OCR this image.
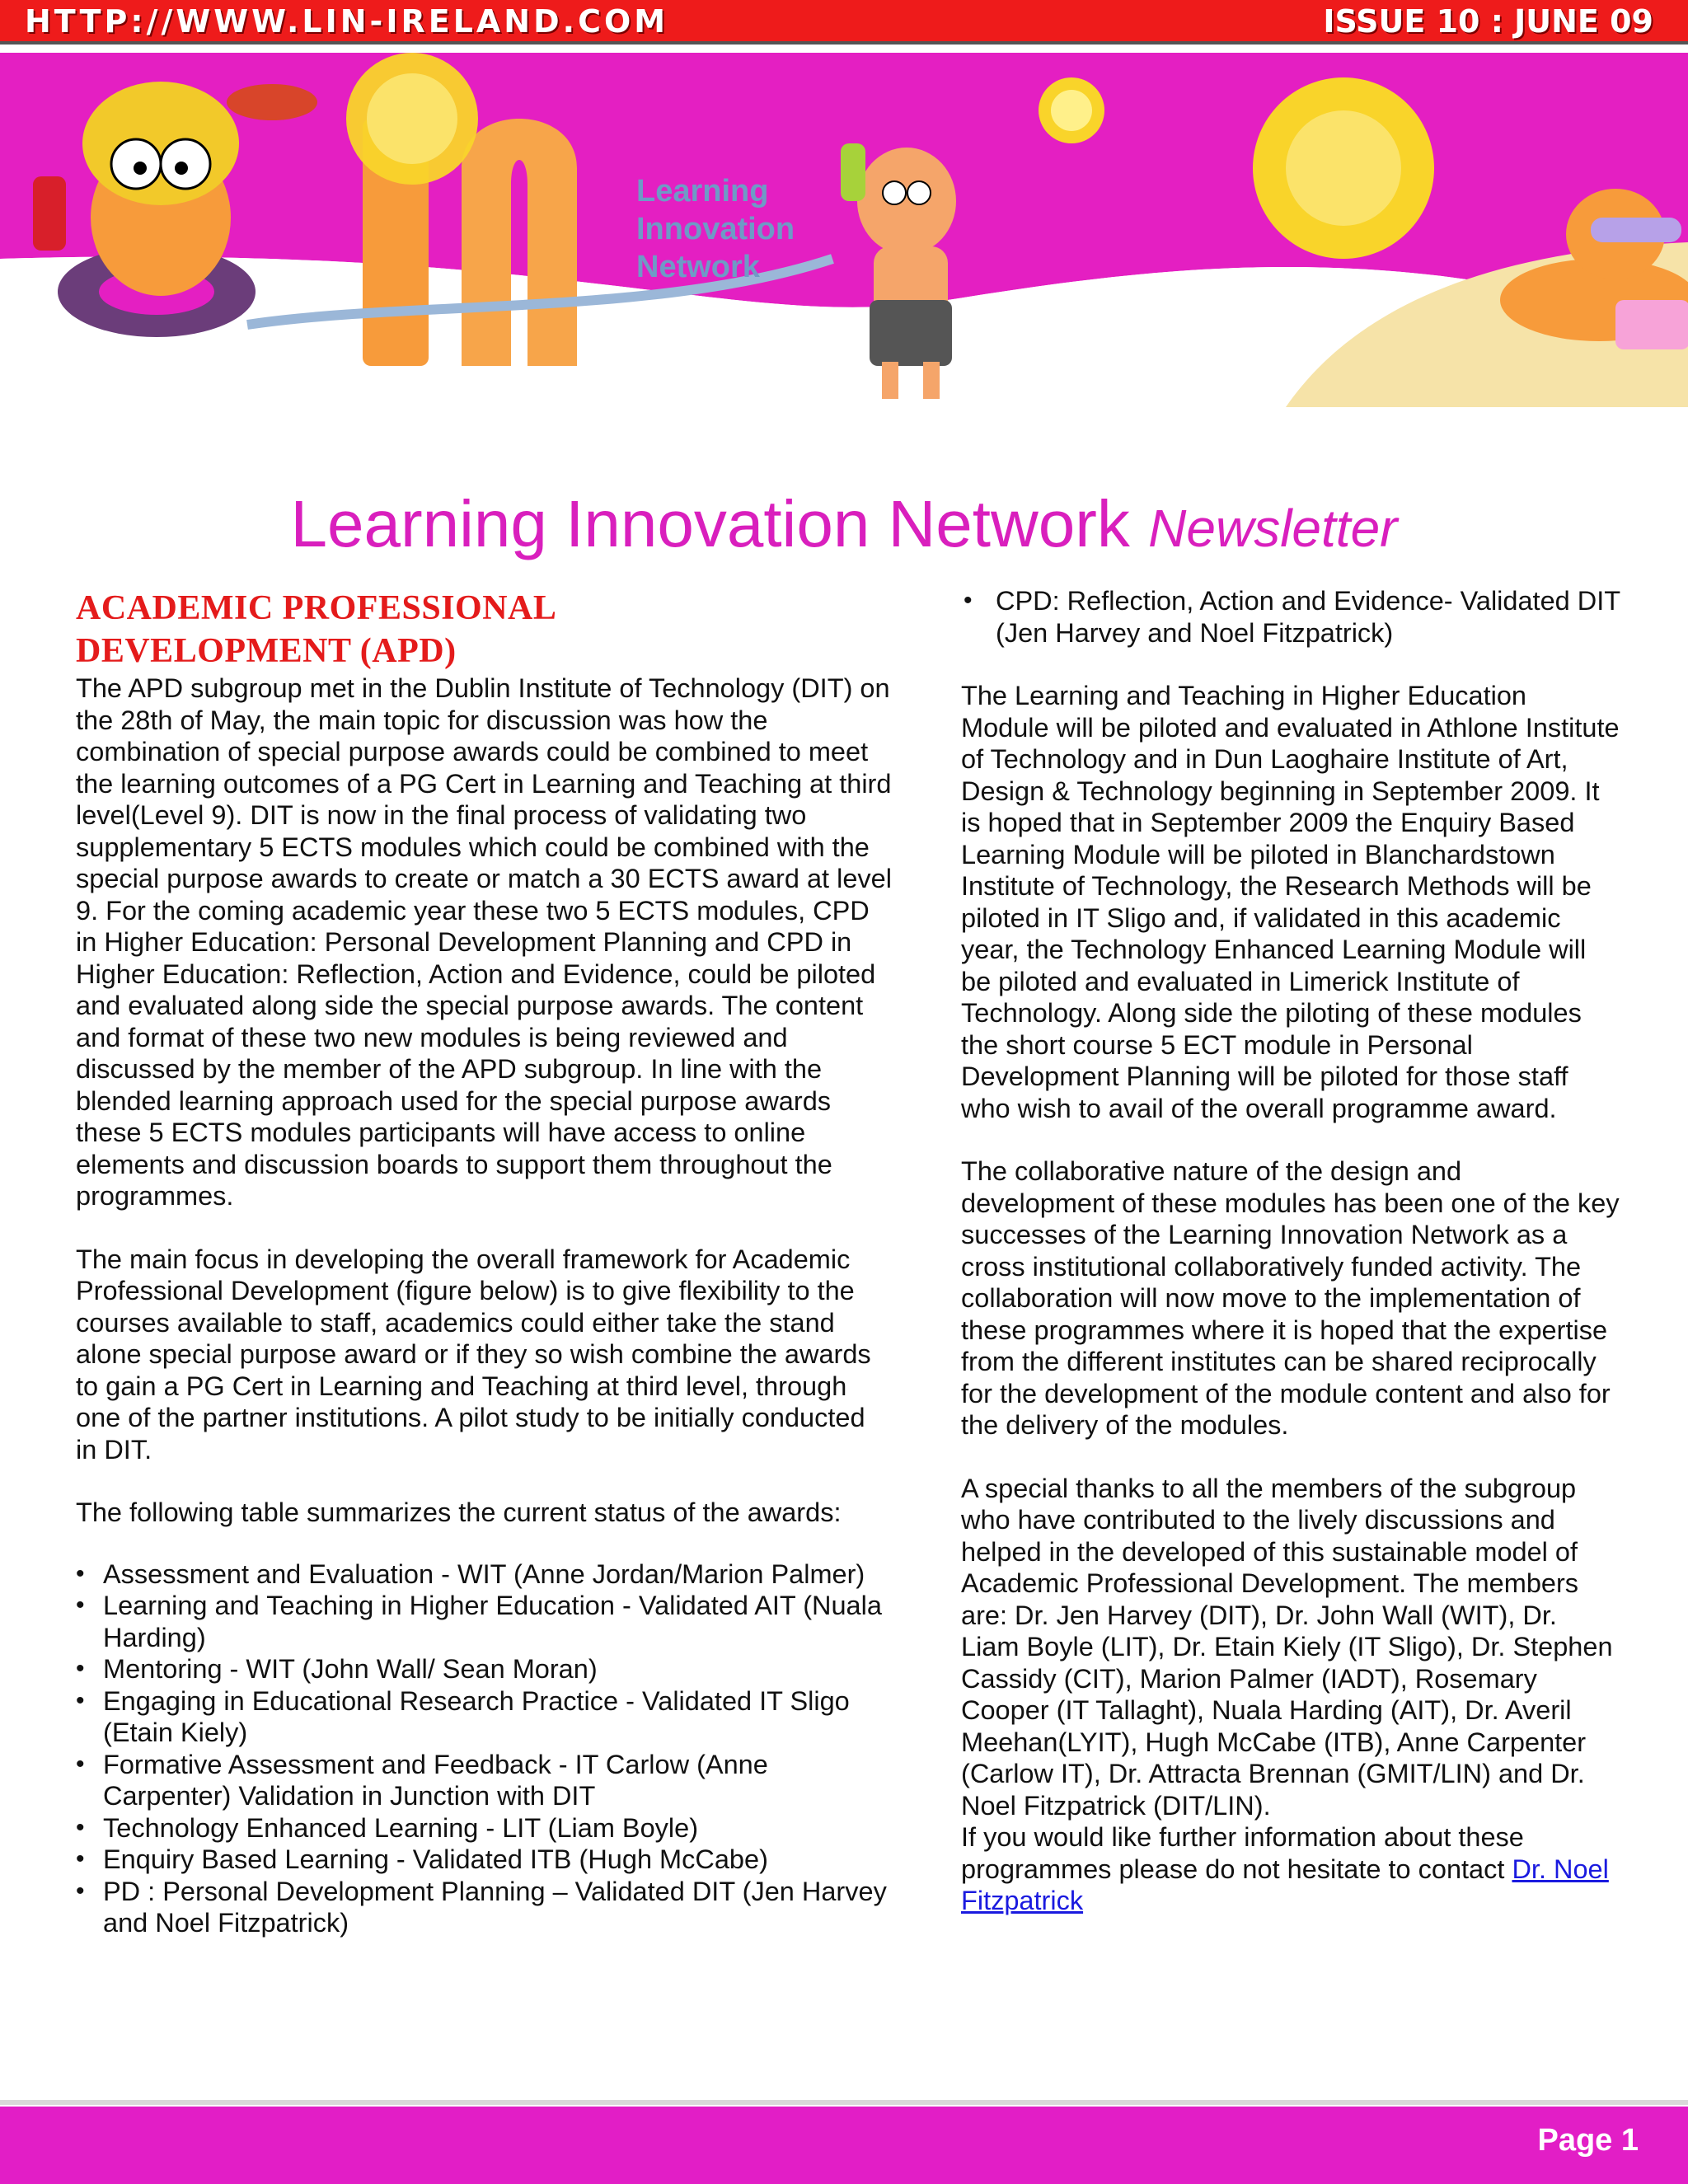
HTTP://WWW.LIN-IRELAND.COM	ISSUE 10 : JUNE 09
Learning
Innovation
Network
Learning Innovation Network Newsletter
ACADEMIC PROFESSIONAL
DEVELOPMENT (APD)

The APD subgroup met in the Dublin Institute of Technology (DIT) on the 28th of May, the main topic for discussion was how the combination of special purpose awards could be combined to meet the learning outcomes of a PG Cert in Learning and Teaching at third level(Level 9). DIT is now in the final process of validating two supplementary 5 ECTS modules which could be combined with the special purpose awards to create or match a 30 ECTS award at level 9. For the coming academic year these two 5 ECTS modules, CPD in Higher Education: Personal Development Planning and CPD in Higher Education: Reflection, Action and Evidence, could be piloted and evaluated along side the special purpose awards. The content and format of these two new modules is being reviewed and discussed by the member of the APD subgroup. In line with the blended learning approach used for the special purpose awards these 5 ECTS modules participants will have access to online elements and discussion boards to support them throughout the programmes.

The main focus in developing the overall framework for Academic Professional Development (figure below) is to give flexibility to the courses available to staff, academics could either take the stand alone special purpose award or if they so wish combine the awards to gain a PG Cert in Learning and Teaching at third level, through one of the partner institutions. A pilot study to be initially conducted in DIT.

The following table summarizes the current status of the awards:

• Assessment and Evaluation - WIT (Anne Jordan/Marion Palmer)
• Learning and Teaching in Higher Education - Validated AIT (Nuala Harding)
• Mentoring - WIT (John Wall/ Sean Moran)
• Engaging in Educational Research Practice - Validated IT Sligo (Etain Kiely)
• Formative Assessment and Feedback - IT Carlow (Anne Carpenter) Validation in Junction with DIT
• Technology Enhanced Learning - LIT (Liam Boyle)
• Enquiry Based Learning - Validated ITB (Hugh McCabe)
• PD : Personal Development Planning – Validated DIT (Jen Harvey and Noel Fitzpatrick)
• CPD: Reflection, Action and Evidence- Validated DIT (Jen Harvey and Noel Fitzpatrick)

The Learning and Teaching in Higher Education Module will be piloted and evaluated in Athlone Institute of Technology and in Dun Laoghaire Institute of Art, Design & Technology beginning in September 2009. It is hoped that in September 2009 the Enquiry Based Learning Module will be piloted in Blanchardstown Institute of Technology, the Research Methods will be piloted in IT Sligo and, if validated in this academic year, the Technology Enhanced Learning Module will be piloted and evaluated in Limerick Institute of Technology. Along side the piloting of these modules the short course 5 ECT module in Personal Development Planning will be piloted for those staff who wish to avail of the overall programme award.

The collaborative nature of the design and development of these modules has been one of the key successes of the Learning Innovation Network as a cross institutional collaboratively funded activity. The collaboration will now move to the implementation of these programmes where it is hoped that the expertise from the different institutes can be shared reciprocally for the development of the module content and also for the delivery of the modules.

A special thanks to all the members of the subgroup who have contributed to the lively discussions and helped in the developed of this sustainable model of Academic Professional Development. The members are: Dr. Jen Harvey (DIT), Dr. John Wall (WIT), Dr. Liam Boyle (LIT), Dr. Etain Kiely (IT Sligo), Dr. Stephen Cassidy (CIT), Marion Palmer (IADT), Rosemary Cooper (IT Tallaght), Nuala Harding (AIT), Dr. Averil Meehan(LYIT), Hugh McCabe (ITB), Anne Carpenter (Carlow IT), Dr. Attracta Brennan (GMIT/LIN) and Dr. Noel Fitzpatrick (DIT/LIN).

If you would like further information about these programmes please do not hesitate to contact Dr. Noel Fitzpatrick

Page 1
